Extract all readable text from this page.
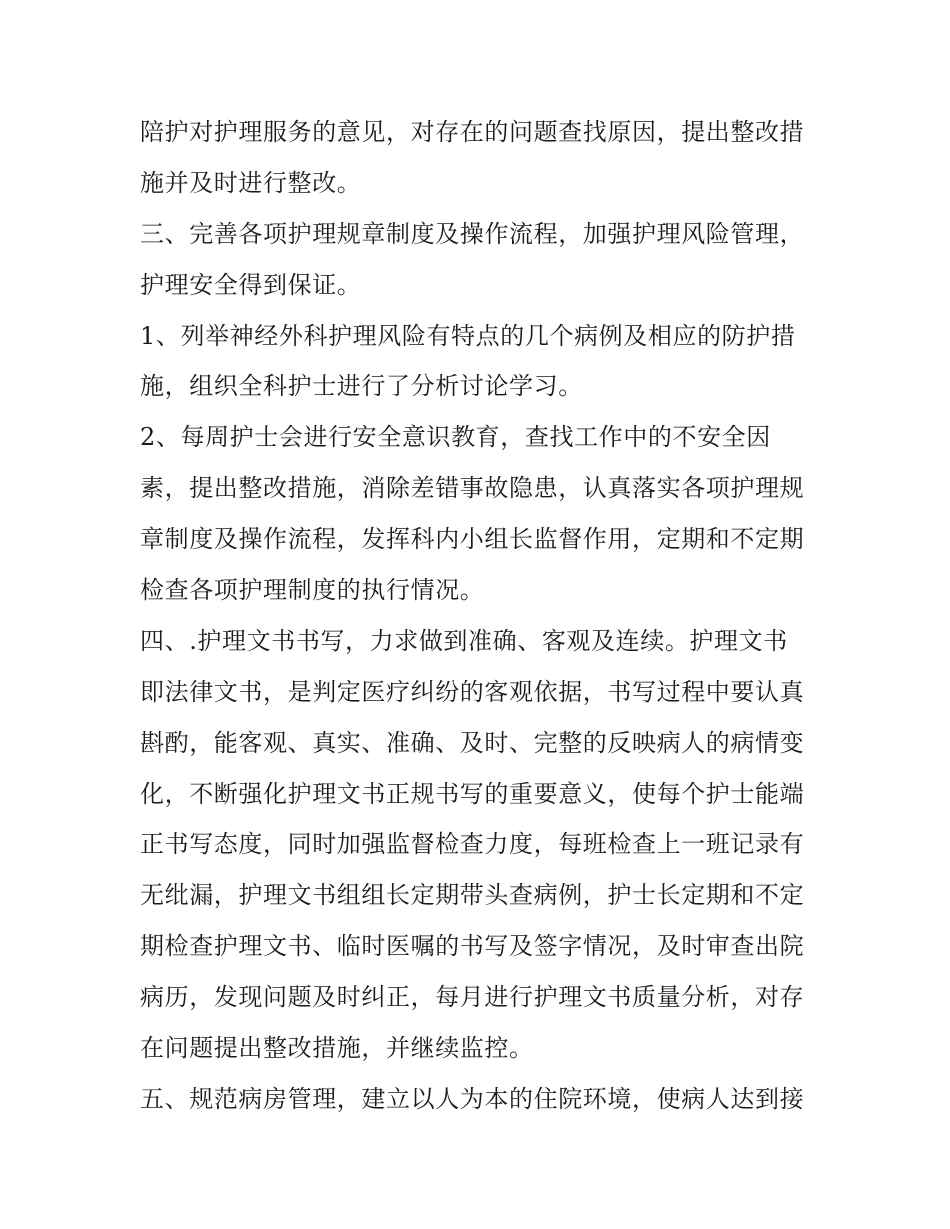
陪护对护理服务的意见，对存在的问题查找原因，提出整改措
施并及时进行整改。
三、完善各项护理规章制度及操作流程，加强护理风险管理，
护理安全得到保证。
1、列举神经外科护理风险有特点的几个病例及相应的防护措
施，组织全科护士进行了分析讨论学习。
2、每周护士会进行安全意识教育，查找工作中的不安全因
素，提出整改措施，消除差错事故隐患，认真落实各项护理规
章制度及操作流程，发挥科内小组长监督作用，定期和不定期
检查各项护理制度的执行情况。
四、.护理文书书写，力求做到准确、客观及连续。护理文书
即法律文书，是判定医疗纠纷的客观依据，书写过程中要认真
斟酌，能客观、真实、准确、及时、完整的反映病人的病情变
化，不断强化护理文书正规书写的重要意义，使每个护士能端
正书写态度，同时加强监督检查力度，每班检查上一班记录有
无纰漏，护理文书组组长定期带头查病例，护士长定期和不定
期检查护理文书、临时医嘱的书写及签字情况，及时审查出院
病历，发现问题及时纠正，每月进行护理文书质量分析，对存
在问题提出整改措施，并继续监控。
五、规范病房管理，建立以人为本的住院环境，使病人达到接
